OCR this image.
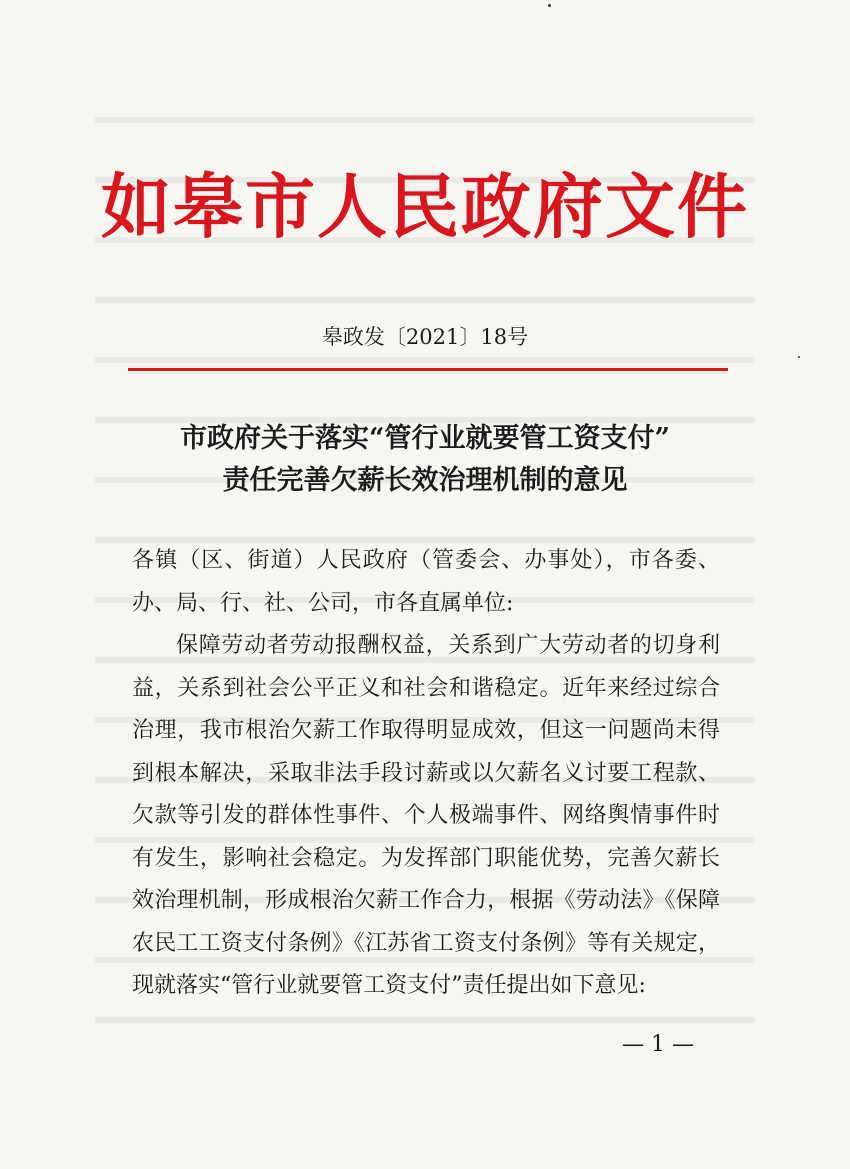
如皋市人民政府文件
皋政发〔2021〕18号
市政府关于落实“管行业就要管工资支付”
责任完善欠薪长效治理机制的意见

各镇（区、街道）人民政府（管委会、办事处），市各委、办、局、行、社、公司，市各直属单位:

保障劳动者劳动报酬权益，关系到广大劳动者的切身利益，关系到社会公平正义和社会和谐稳定。近年来经过综合治理，我市根治欠薪工作取得明显成效，但这一问题尚未得到根本解决，采取非法手段讨薪或以欠薪名义讨要工程款、欠款等引发的群体性事件、个人极端事件、网络舆情事件时有发生，影响社会稳定。为发挥部门职能优势，完善欠薪长效治理机制，形成根治欠薪工作合力，根据《劳动法》《保障农民工工资支付条例》《江苏省工资支付条例》等有关规定，现就落实“管行业就要管工资支付”责任提出如下意见:

— 1 —
